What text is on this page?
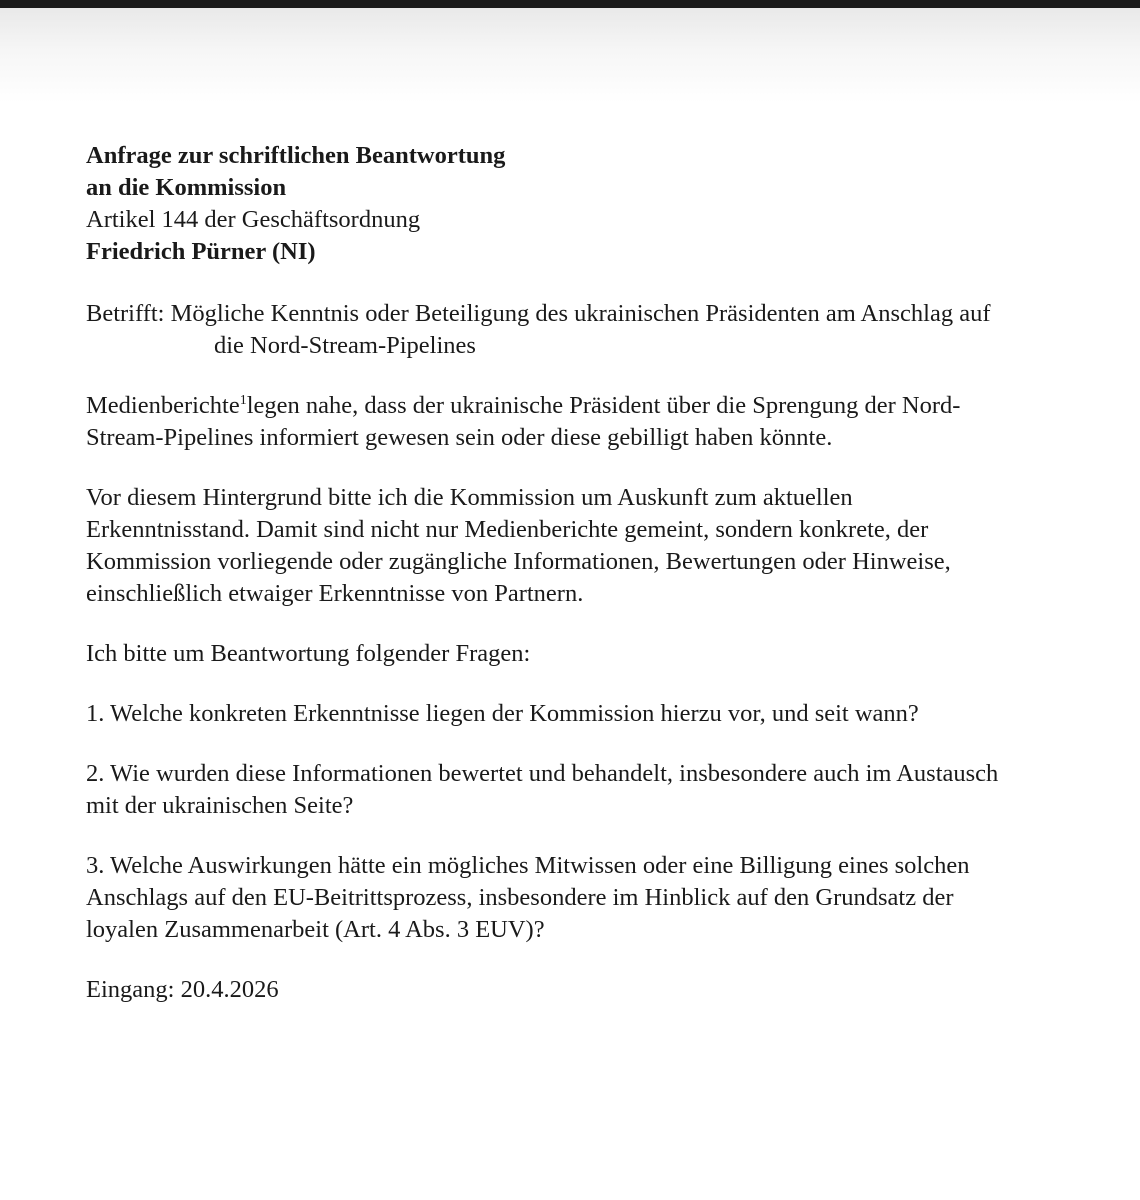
Anfrage zur schriftlichen Beantwortung

an die Kommission

Artikel 144 der Geschäftsordnung

Friedrich Pürner (NI)

Betrifft: Mögliche Kenntnis oder Beteiligung des ukrainischen Präsidenten am Anschlag auf

die Nord-Stream-Pipelines

Medienberichte$^1$legen nahe, dass der ukrainische Präsident über die Sprengung der Nord-

Stream-Pipelines informiert gewesen sein oder diese gebilligt haben könnte.

Vor diesem Hintergrund bitte ich die Kommission um Auskunft zum aktuellen

Erkenntnisstand. Damit sind nicht nur Medienberichte gemeint, sondern konkrete, der

Kommission vorliegende oder zugängliche Informationen, Bewertungen oder Hinweise,

einschließlich etwaiger Erkenntnisse von Partnern.

Ich bitte um Beantwortung folgender Fragen:

1. Welche konkreten Erkenntnisse liegen der Kommission hierzu vor, und seit wann?

2. Wie wurden diese Informationen bewertet und behandelt, insbesondere auch im Austausch

mit der ukrainischen Seite?

3. Welche Auswirkungen hätte ein mögliches Mitwissen oder eine Billigung eines solchen

Anschlags auf den EU-Beitrittsprozess, insbesondere im Hinblick auf den Grundsatz der

loyalen Zusammenarbeit (Art. 4 Abs. 3 EUV)?

Eingang: 20.4.2026
